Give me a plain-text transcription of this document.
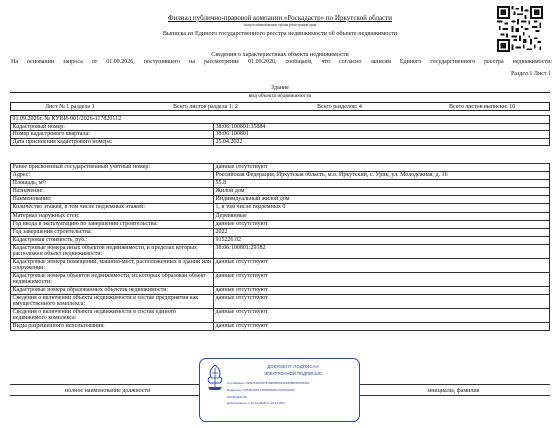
Филиал публично-правовой компании «Роскадастр» по Иркутской области
полное наименование органа регистрации прав
Выписка из Единого государственного реестра недвижимости об объекте недвижимости
Сведения о характеристиках объекта недвижимости
На основании запроса от 01.09.2026, поступившего на рассмотрение 01.09.2026, сообщаем, что согласно записям Единого государственного реестра недвижимости:
Раздел 1 Лист 1
Здание
вид объекта недвижимости
Лист № 1 раздела 1	Всего листов раздела 1: 2	Всего разделов: 4	Всего листов выписки: 10
01.09.2026г. № КУВИ-001/2026-117820112	
Кадастровый номер:	38:06:100801:35884
Номер кадастрового квартала:	38:06:100801
Дата присвоения кадастрового номера:	25.04.2022
Ранее присвоенный государственный учетный номер:	данные отсутствуют
Адрес:	Российская Федерация, Иркутская область, м.о. Иркутский, с. Урик, ул. Молодежная, д. 16
Площадь, м²:	55.8
Назначение:	Жилой дом
Наименование:	Индивидуальный жилой дом
Количество этажей, в том числе подземных этажей:	1, в том числе подземных 0
Материал наружных стен:	Деревянные
Год ввода в эксплуатацию по завершении строительства:	данные отсутствуют
Год завершения строительства:	2022
Кадастровая стоимость, руб.:	915226.02
Кадастровые номера иных объектов недвижимости, в пределах которых расположен объект недвижимости:	38:06:100801:29182
Кадастровые номера помещений, машино-мест, расположенных в здании или сооружении:	данные отсутствуют
Кадастровые номера объектов недвижимости, из которых образован объект недвижимости:	данные отсутствуют
Кадастровые номера образованных объектов недвижимости:	данные отсутствуют
Сведения о включении объекта недвижимости в состав предприятия как имущественного комплекса:	данные отсутствуют
Сведения о включении объекта недвижимости в состав единого недвижимого комплекса:	данные отсутствуют
Виды разрешенного использования:	данные отсутствуют
полное наименование должности	инициалы, фамилия
ДОКУМЕНТ ПОДПИСАН
ЭЛЕКТРОННОЙ ПОДПИСЬЮ
Сертификат: 03997146184797998085321914388615978403
Владелец: ПУБЛИЧНО-ПРАВОВАЯ КОМПАНИЯ
РОСКАДАСТР
Действителен: с 24.12.2025 по 19.03.2027
